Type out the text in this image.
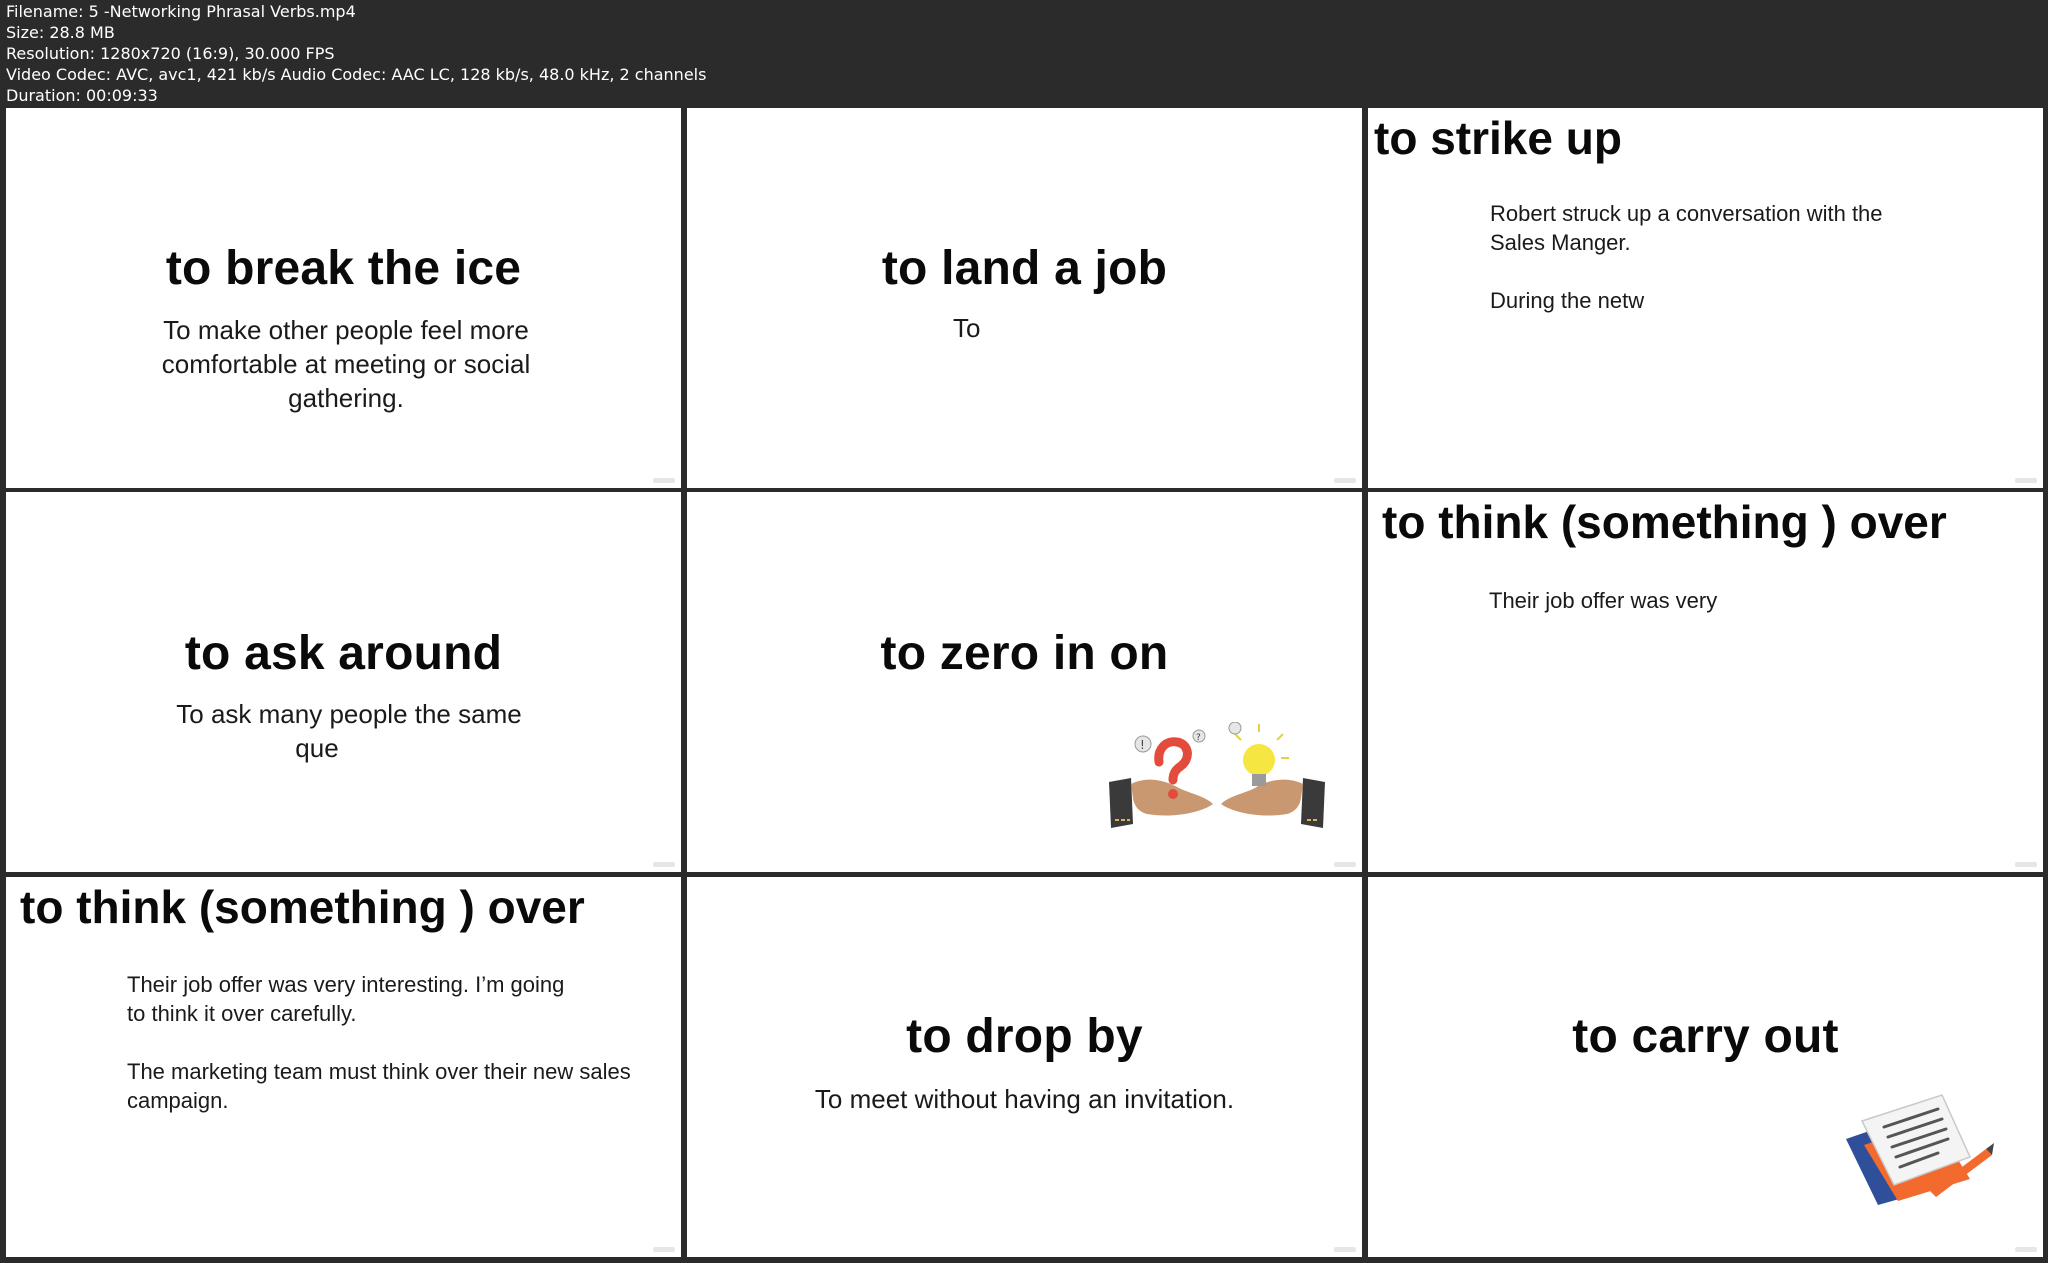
Filename: 5 -Networking Phrasal Verbs.mp4
Size: 28.8 MB
Resolution: 1280x720 (16:9), 30.000 FPS
Video Codec: AVC, avc1, 421 kb/s Audio Codec: AAC LC, 128 kb/s, 48.0 kHz, 2 channels
Duration: 00:09:33
to break the ice
To make other people feel more
comfortable at meeting or social
gathering.
to land a job
To
to strike up
Robert struck up a conversation with the
Sales Manger.
During the netw
to ask around
To ask many people the same
que
to zero in on
!	?
to think (something ) over
Their job offer was very
to think (something ) over
Their job offer was very interesting. I’m going
to think it over carefully.
The marketing team must think over their new sales
campaign.
to drop by
To meet without having an invitation.
to carry out
